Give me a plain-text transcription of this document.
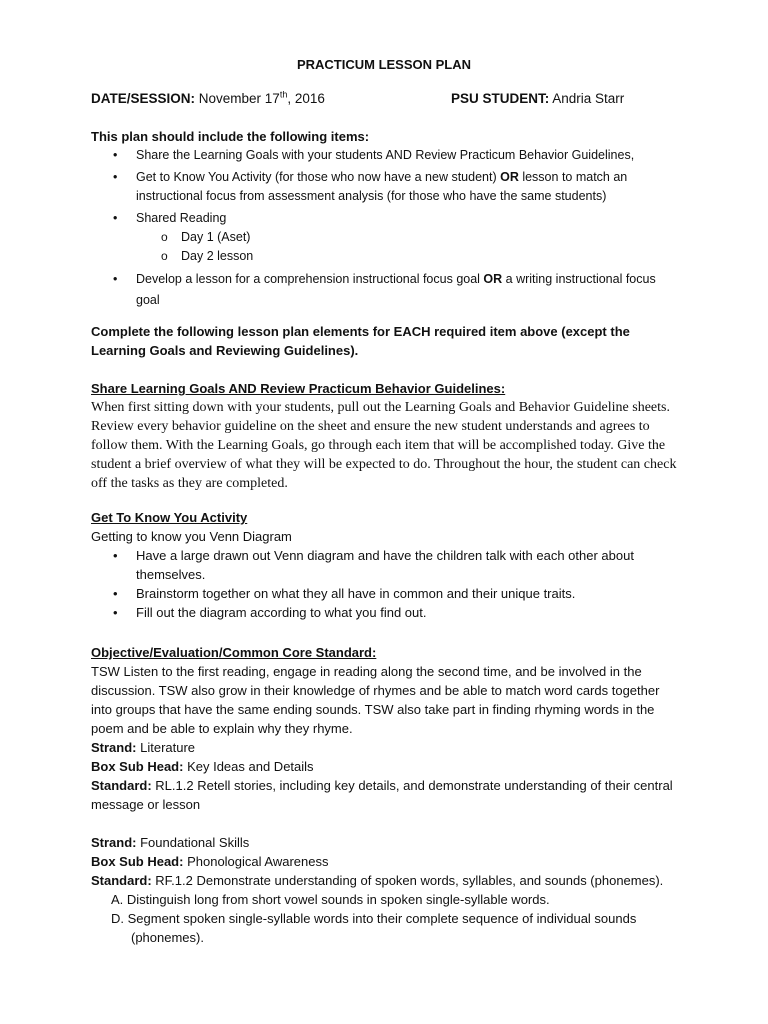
PRACTICUM LESSON PLAN
DATE/SESSION: November 17th, 2016	PSU STUDENT: Andria Starr
This plan should include the following items:
• Share the Learning Goals with your students AND Review Practicum Behavior Guidelines,
• Get to Know You Activity (for those who now have a new student) OR lesson to match an instructional focus from assessment analysis (for those who have the same students)
• Shared Reading
o Day 1 (Aset)
o Day 2 lesson
• Develop a lesson for a comprehension instructional focus goal OR a writing instructional focus goal
Complete the following lesson plan elements for EACH required item above (except the Learning Goals and Reviewing Guidelines).
Share Learning Goals AND Review Practicum Behavior Guidelines:
When first sitting down with your students, pull out the Learning Goals and Behavior Guideline sheets. Review every behavior guideline on the sheet and ensure the new student understands and agrees to follow them. With the Learning Goals, go through each item that will be accomplished today. Give the student a brief overview of what they will be expected to do. Throughout the hour, the student can check off the tasks as they are completed.
Get To Know You Activity
Getting to know you Venn Diagram
• Have a large drawn out Venn diagram and have the children talk with each other about themselves.
• Brainstorm together on what they all have in common and their unique traits.
• Fill out the diagram according to what you find out.
Objective/Evaluation/Common Core Standard:
TSW Listen to the first reading, engage in reading along the second time, and be involved in the discussion. TSW also grow in their knowledge of rhymes and be able to match word cards together into groups that have the same ending sounds. TSW also take part in finding rhyming words in the poem and be able to explain why they rhyme.
Strand: Literature
Box Sub Head: Key Ideas and Details
Standard: RL.1.2 Retell stories, including key details, and demonstrate understanding of their central message or lesson
Strand: Foundational Skills
Box Sub Head: Phonological Awareness
Standard: RF.1.2 Demonstrate understanding of spoken words, syllables, and sounds (phonemes).
A. Distinguish long from short vowel sounds in spoken single-syllable words.
D. Segment spoken single-syllable words into their complete sequence of individual sounds (phonemes).
